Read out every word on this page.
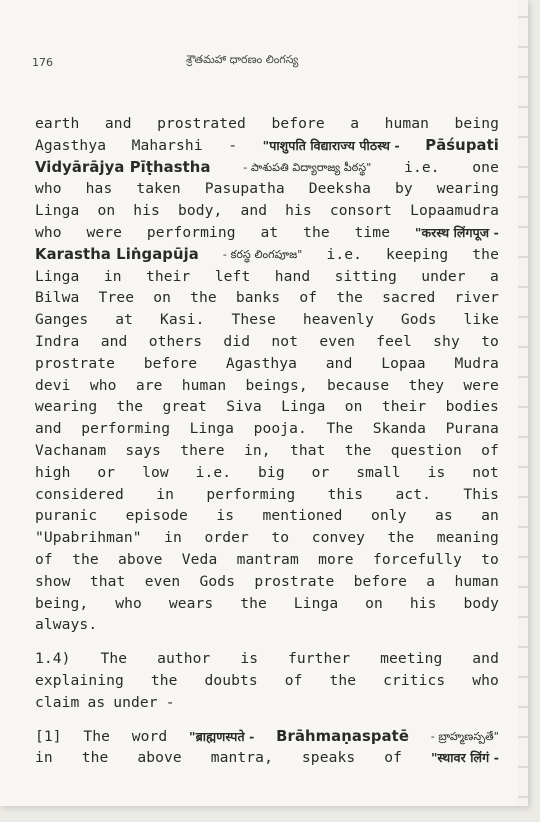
176	శ్రౌతమహా ధారణం లింగస్య
earth and prostrated before a human being
Agasthya Maharshi - "पाशुपति विद्याराज्य पीठस्थ - Pāśupati
Vidyārājya Pīṭhastha	- పాశుపతి విద్యారాజ్య పీఠస్థ" i.e. one
who has taken Pasupatha Deeksha by wearing
Linga on his body, and his consort Lopaamudra
who were performing at the time "करस्थ लिंगपूज -
Karastha Liṅgapūja - కరస్థ లింగపూజ" i.e. keeping the
Linga in their left hand sitting under a
Bilwa Tree on the banks of the sacred river
Ganges at Kasi. These heavenly Gods like
Indra and others did not even feel shy to
prostrate before Agasthya and Lopaa Mudra
devi who are human beings, because they were
wearing the great Siva Linga on their bodies
and performing Linga pooja. The Skanda Purana
Vachanam says there in, that the question of
high or low i.e. big or small is not
considered in performing this act. This
puranic episode is mentioned only as an
"Upabrihman" in order to convey the meaning
of the above Veda mantram more forcefully to
show that even Gods prostrate before a human
being, who wears the Linga on his body
always.
1.4) The author is further meeting and
explaining the doubts of the critics who
claim as under -
[1] The word "ब्राह्मणस्पते - Brāhmaṇaspatē - బ్రాహ్మణస్పతే"
in the above mantra, speaks of "स्थावर लिंगं -
